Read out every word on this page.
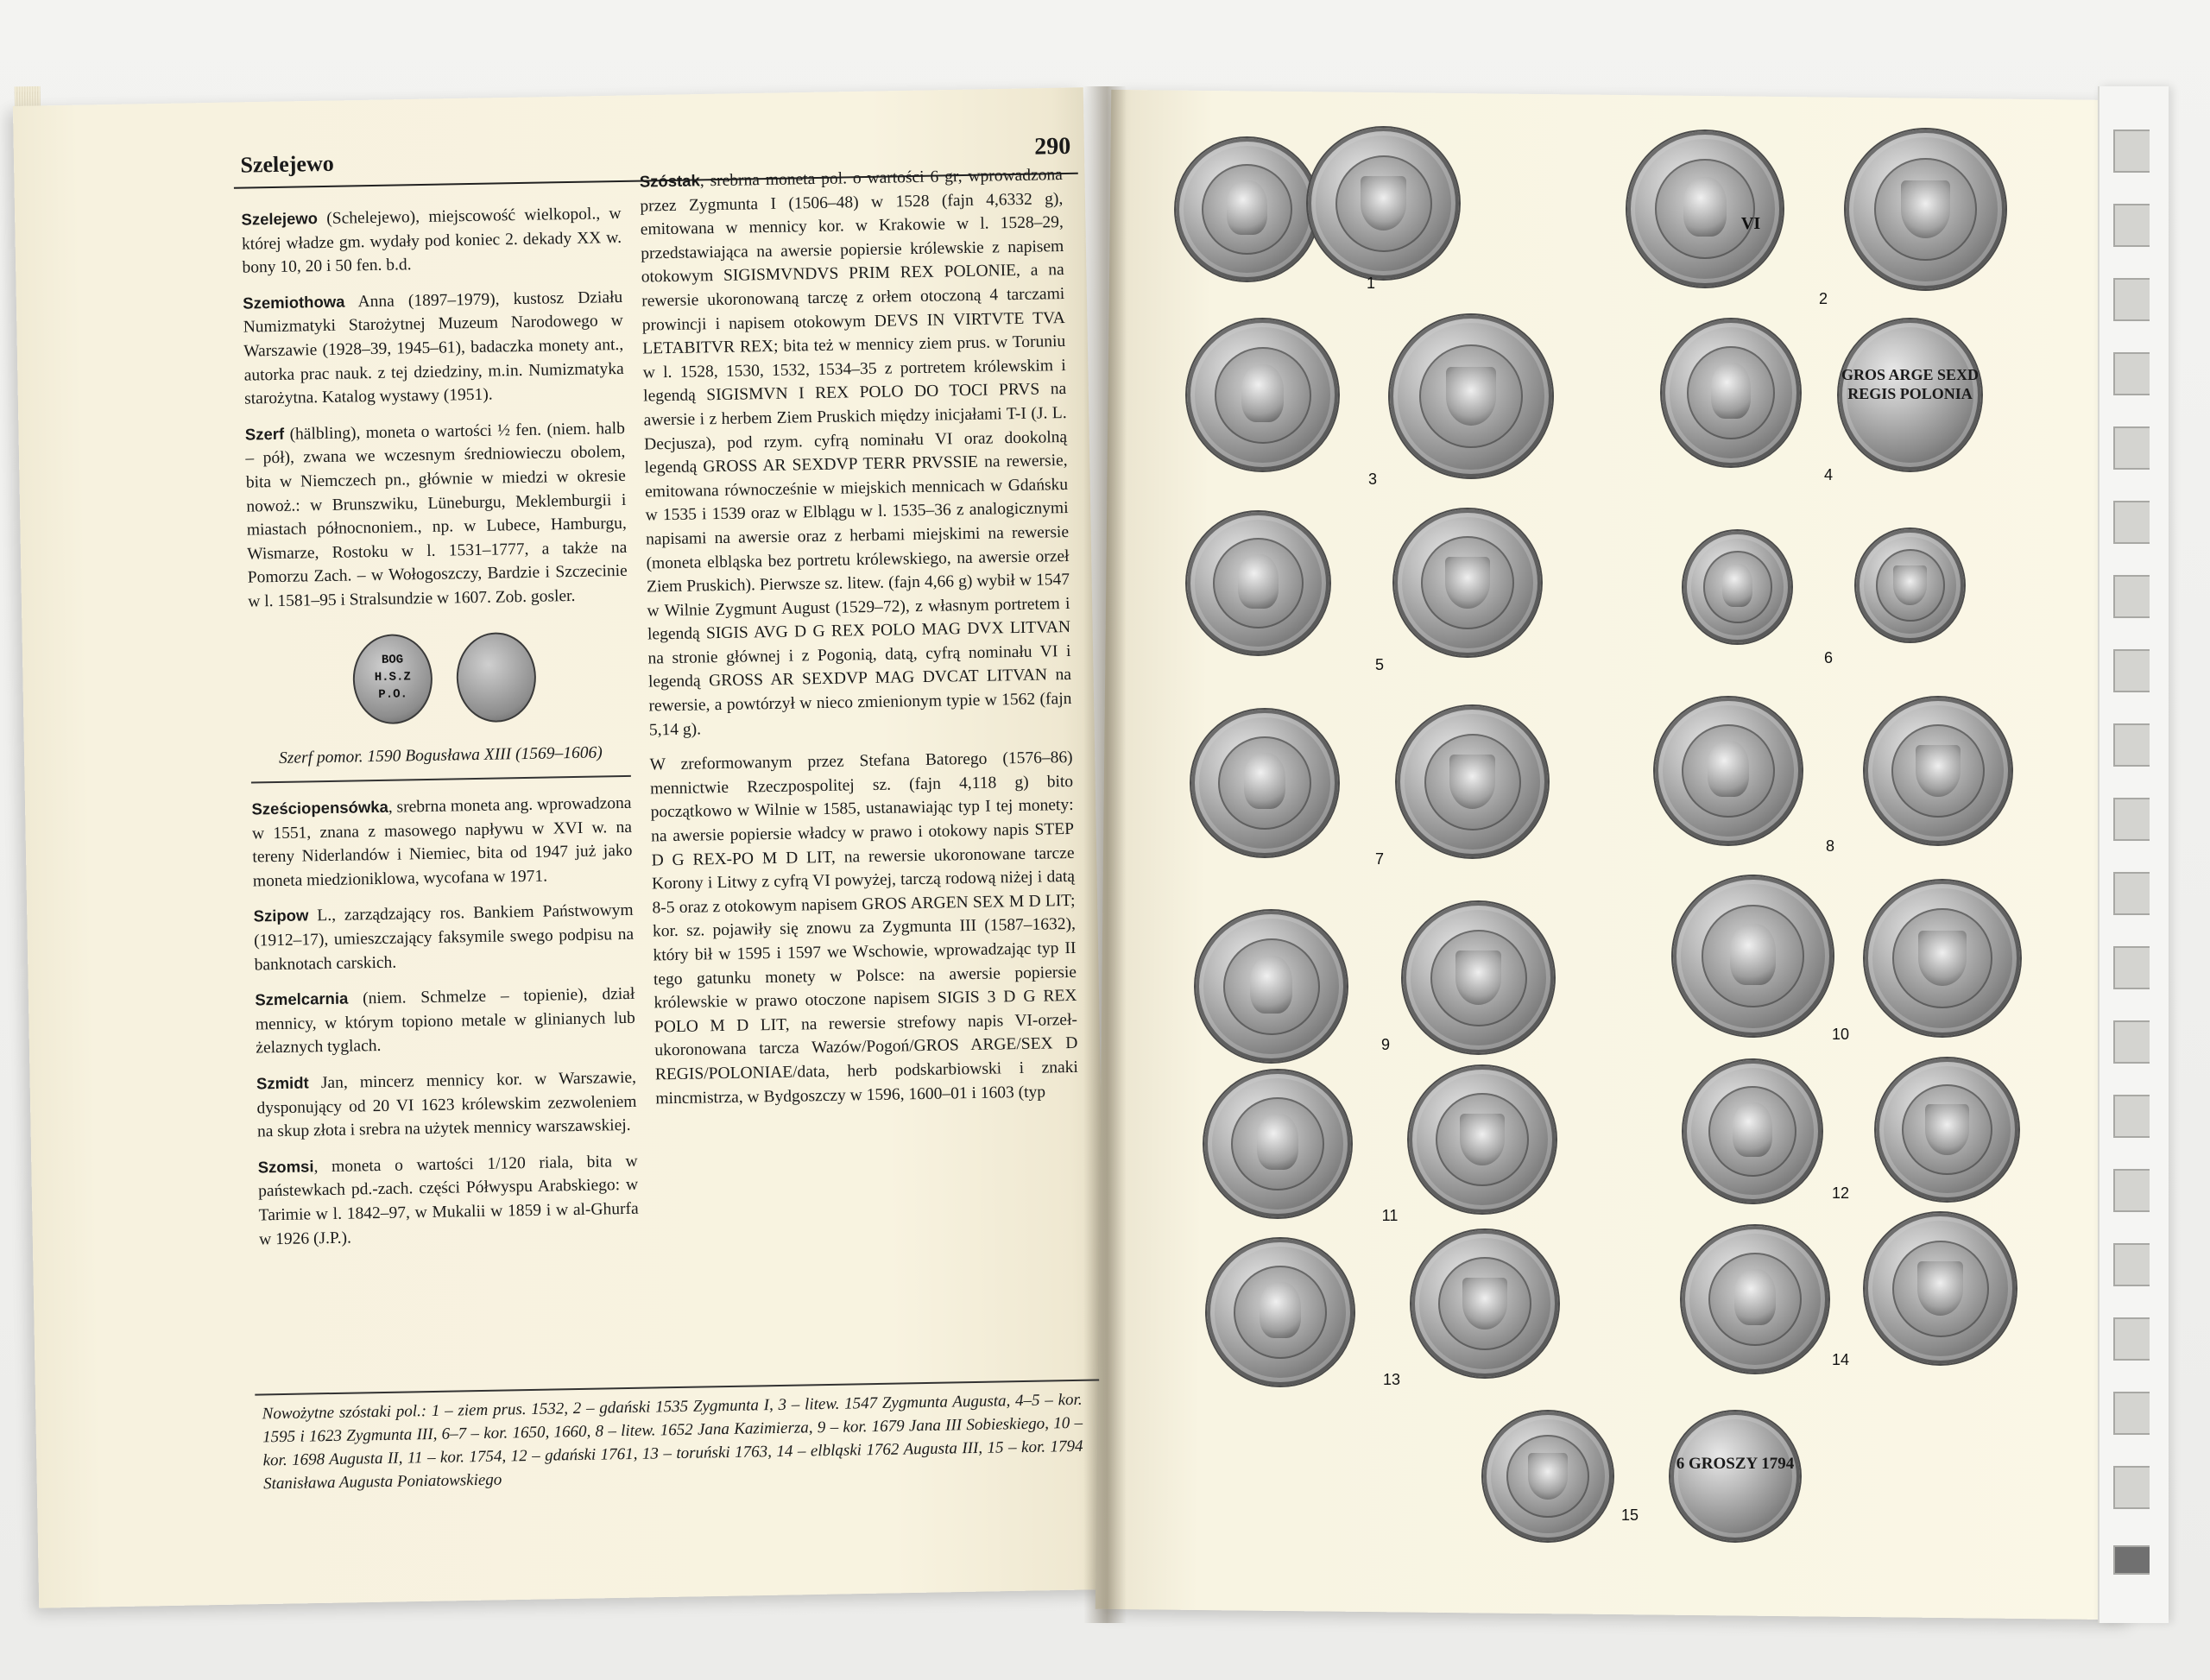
Szelejewo
290

Szelejewo (Schelejewo), miejscowość wielkopol., w której władze gm. wydały pod koniec 2. dekady XX w. bony 10, 20 i 50 fen. b.d.

Szemiothowa Anna (1897–1979), kustosz Działu Numizmatyki Starożytnej Muzeum Narodowego w Warszawie (1928–39, 1945–61), badaczka monety ant., autorka prac nauk. z tej dziedziny, m.in. Numizmatyka starożytna. Katalog wystawy (1951).

Szerf (hälbling), moneta o wartości ½ fen. (niem. halb – pół), zwana we wczesnym średniowieczu obolem, bita w Niemczech pn., głównie w miedzi w okresie nowoż.: w Brunszwiku, Lüneburgu, Meklemburgii i miastach północnoniem., np. w Lubece, Hamburgu, Wismarze, Rostoku w l. 1531–1777, a także na Pomorzu Zach. – w Wołogoszczy, Bardzie i Szczecinie w l. 1581–95 i Stralsundzie w 1607. Zob. gosler.

BOG
H.S.Z
P.O.

Szerf pomor. 1590 Bogusława XIII (1569–1606)

Sześciopensówka, srebrna moneta ang. wprowadzona w 1551, znana z masowego napływu w XVI w. na tereny Niderlandów i Niemiec, bita od 1947 już jako moneta miedzioniklowa, wycofana w 1971.

Szipow L., zarządzający ros. Bankiem Państwowym (1912–17), umieszczający faksymile swego podpisu na banknotach carskich.

Szmelcarnia (niem. Schmelze – topienie), dział mennicy, w którym topiono metale w glinianych lub żelaznych tyglach.

Szmidt Jan, mincerz mennicy kor. w Warszawie, dysponujący od 20 VI 1623 królewskim zezwoleniem na skup złota i srebra na użytek mennicy warszawskiej.

Szomsi, moneta o wartości 1/120 riala, bita w państewkach pd.-zach. części Półwyspu Arabskiego: w Tarimie w l. 1842–97, w Mukalii w 1859 i w al-Ghurfa w 1926 (J.P.).

Szóstak, srebrna moneta pol. o wartości 6 gr, wprowadzona przez Zygmunta I (1506–48) w 1528 (fajn 4,6332 g), emitowana w mennicy kor. w Krakowie w l. 1528–29, przedstawiająca na awersie popiersie królewskie z napisem otokowym SIGISMVNDVS PRIM REX POLONIE, a na rewersie ukoronowaną tarczę z orłem otoczoną 4 tarczami prowincji i napisem otokowym DEVS IN VIRTVTE TVA LETABITVR REX; bita też w mennicy ziem prus. w Toruniu w l. 1528, 1530, 1532, 1534–35 z portretem królewskim i legendą SIGISMVN I REX POLO DO TOCI PRVS na awersie i z herbem Ziem Pruskich między inicjałami T-I (J. L. Decjusza), pod rzym. cyfrą nominału VI oraz dookolną legendą GROSS AR SEXDVP TERR PRVSSIE na rewersie, emitowana równocześnie w miejskich mennicach w Gdańsku w 1535 i 1539 oraz w Elblągu w l. 1535–36 z analogicznymi napisami na awersie oraz z herbami miejskimi na rewersie (moneta elbląska bez portretu królewskiego, na awersie orzeł Ziem Pruskich). Pierwsze sz. litew. (fajn 4,66 g) wybił w 1547 w Wilnie Zygmunt August (1529–72), z własnym portretem i legendą SIGIS AVG D G REX POLO MAG DVX LITVAN na stronie głównej i z Pogonią, datą, cyfrą nominału VI i legendą GROSS AR SEXDVP MAG DVCAT LITVAN na rewersie, a powtórzył w nieco zmienionym typie w 1562 (fajn 5,14 g).

W zreformowanym przez Stefana Batorego (1576–86) mennictwie Rzeczpospolitej sz. (fajn 4,118 g) bito początkowo w Wilnie w 1585, ustanawiając typ I tej monety: na awersie popiersie władcy w prawo i otokowy napis STEP D G REX-PO M D LIT, na rewersie ukoronowane tarcze Korony i Litwy z cyfrą VI powyżej, tarczą rodową niżej i datą 8-5 oraz z otokowym napisem GROS ARGEN SEX M D LIT; kor. sz. pojawiły się znowu za Zygmunta III (1587–1632), który bił w 1595 i 1597 we Wschowie, wprowadzając typ II tego gatunku monety w Polsce: na awersie popiersie królewskie w prawo otoczone napisem SIGIS 3 D G REX POLO M D LIT, na rewersie strefowy napis VI-orzeł-ukoronowana tarcza Wazów/Pogoń/GROS ARGE/SEX D REGIS/POLONIAE/data, herb podskarbiowski i znaki mincmistrza, w Bydgoszczy w 1596, 1600–01 i 1603 (typ

Nowożytne szóstaki pol.: 1 – ziem prus. 1532, 2 – gdański 1535 Zygmunta I, 3 – litew. 1547 Zygmunta Augusta, 4–5 – kor. 1595 i 1623 Zygmunta III, 6–7 – kor. 1650, 1660, 8 – litew. 1652 Jana Kazimierza, 9 – kor. 1679 Jana III Sobieskiego, 10 – kor. 1698 Augusta II, 11 – kor. 1754, 12 – gdański 1761, 13 – toruński 1763, 14 – elbląski 1762 Augusta III, 15 – kor. 1794 Stanisława Augusta Poniatowskiego
1
2
3
GROS ARGE SEXD REGIS POLONIA
4
5	6
7
8
9
10
11
12
13
14
6 GROSZY 1794
15
VI
